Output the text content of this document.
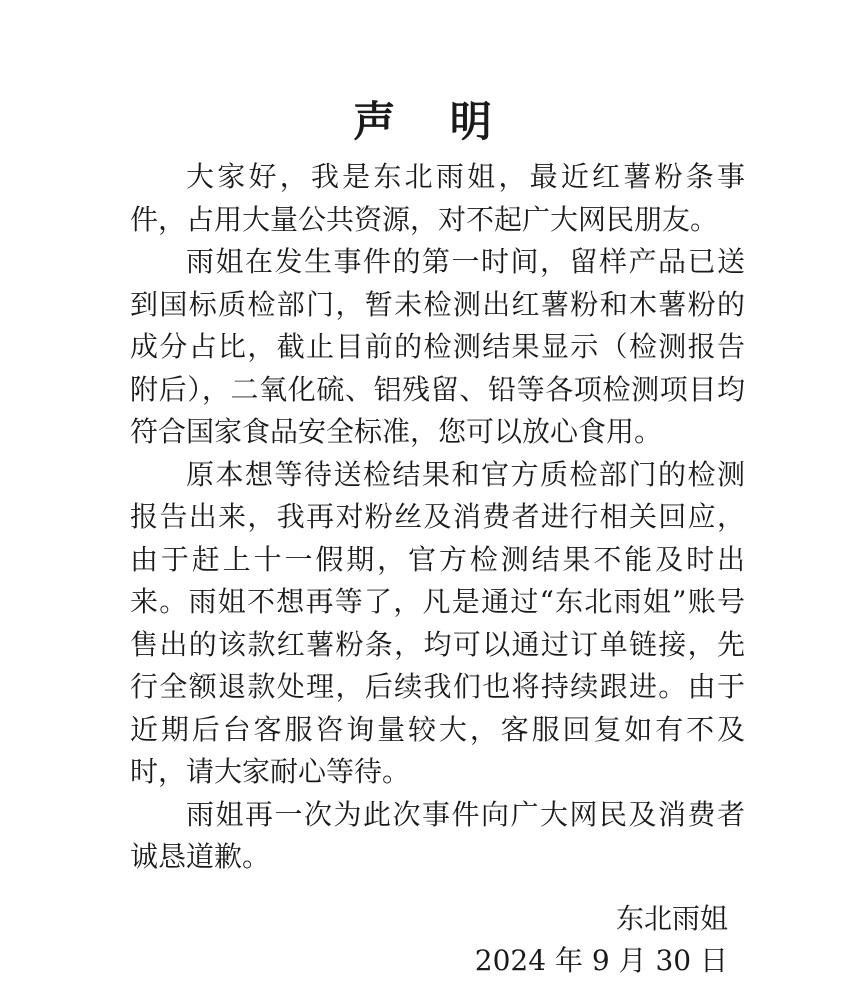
声 明

大家好，我是东北雨姐，最近红薯粉条事件，占用大量公共资源，对不起广大网民朋友。

雨姐在发生事件的第一时间，留样产品已送到国标质检部门，暂未检测出红薯粉和木薯粉的成分占比，截止目前的检测结果显示（检测报告附后），二氧化硫、铝残留、铅等各项检测项目均符合国家食品安全标准，您可以放心食用。

原本想等待送检结果和官方质检部门的检测报告出来，我再对粉丝及消费者进行相关回应，由于赶上十一假期，官方检测结果不能及时出来。雨姐不想再等了，凡是通过“东北雨姐”账号售出的该款红薯粉条，均可以通过订单链接，先行全额退款处理，后续我们也将持续跟进。由于近期后台客服咨询量较大，客服回复如有不及时，请大家耐心等待。

雨姐再一次为此次事件向广大网民及消费者诚恳道歉。

东北雨姐
2024 年 9 月 30 日
